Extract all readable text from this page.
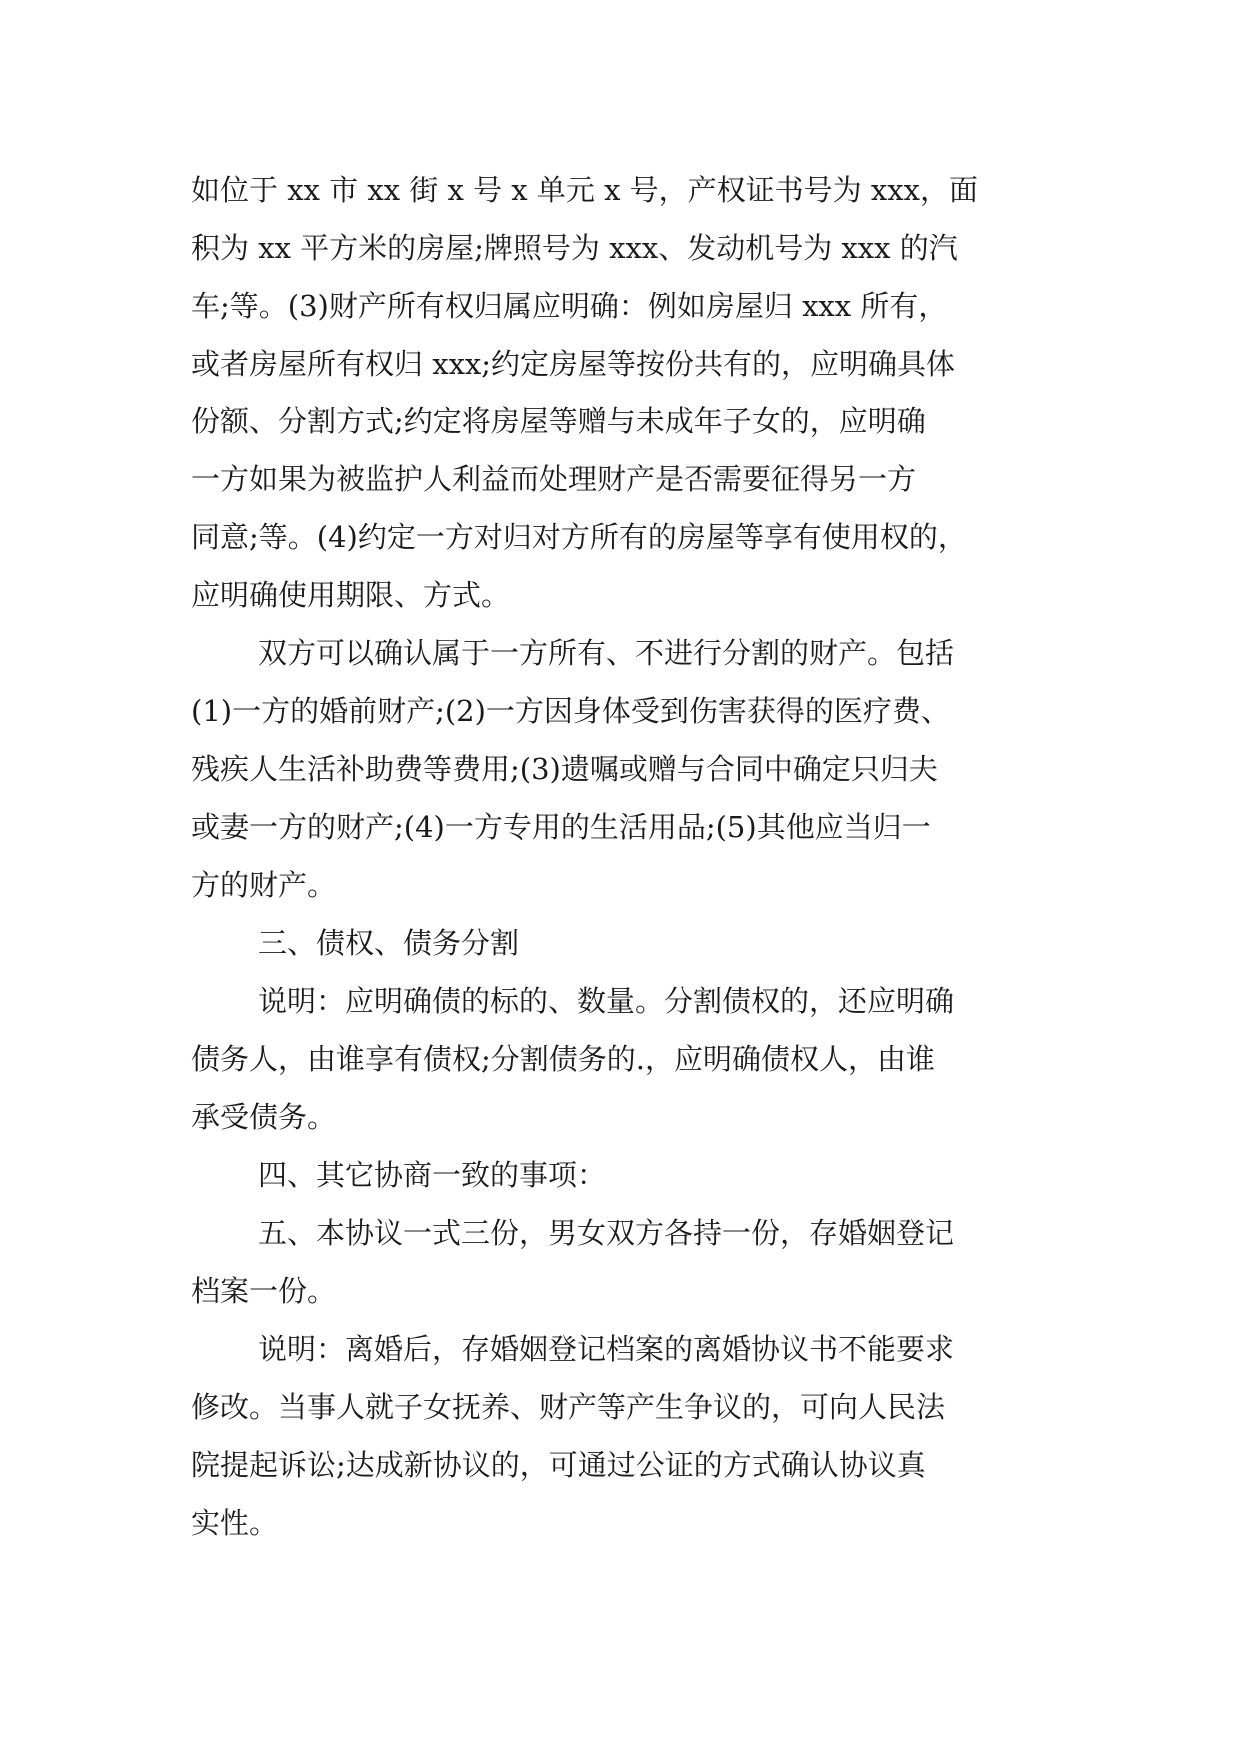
如位于 xx 市 xx 街 x 号 x 单元 x 号，产权证书号为 xxx，面

积为 xx 平方米的房屋;牌照号为 xxx、发动机号为 xxx 的汽

车;等。(3)财产所有权归属应明确：例如房屋归 xxx 所有，

或者房屋所有权归 xxx;约定房屋等按份共有的，应明确具体

份额、分割方式;约定将房屋等赠与未成年子女的，应明确

一方如果为被监护人利益而处理财产是否需要征得另一方

同意;等。(4)约定一方对归对方所有的房屋等享有使用权的，

应明确使用期限、方式。

双方可以确认属于一方所有、不进行分割的财产。包括

(1)一方的婚前财产;(2)一方因身体受到伤害获得的医疗费、

残疾人生活补助费等费用;(3)遗嘱或赠与合同中确定只归夫

或妻一方的财产;(4)一方专用的生活用品;(5)其他应当归一

方的财产。

三、债权、债务分割

说明：应明确债的标的、数量。分割债权的，还应明确

债务人，由谁享有债权;分割债务的.，应明确债权人，由谁

承受债务。

四、其它协商一致的事项：

五、本协议一式三份，男女双方各持一份，存婚姻登记

档案一份。

说明：离婚后，存婚姻登记档案的离婚协议书不能要求

修改。当事人就子女抚养、财产等产生争议的，可向人民法

院提起诉讼;达成新协议的，可通过公证的方式确认协议真

实性。
